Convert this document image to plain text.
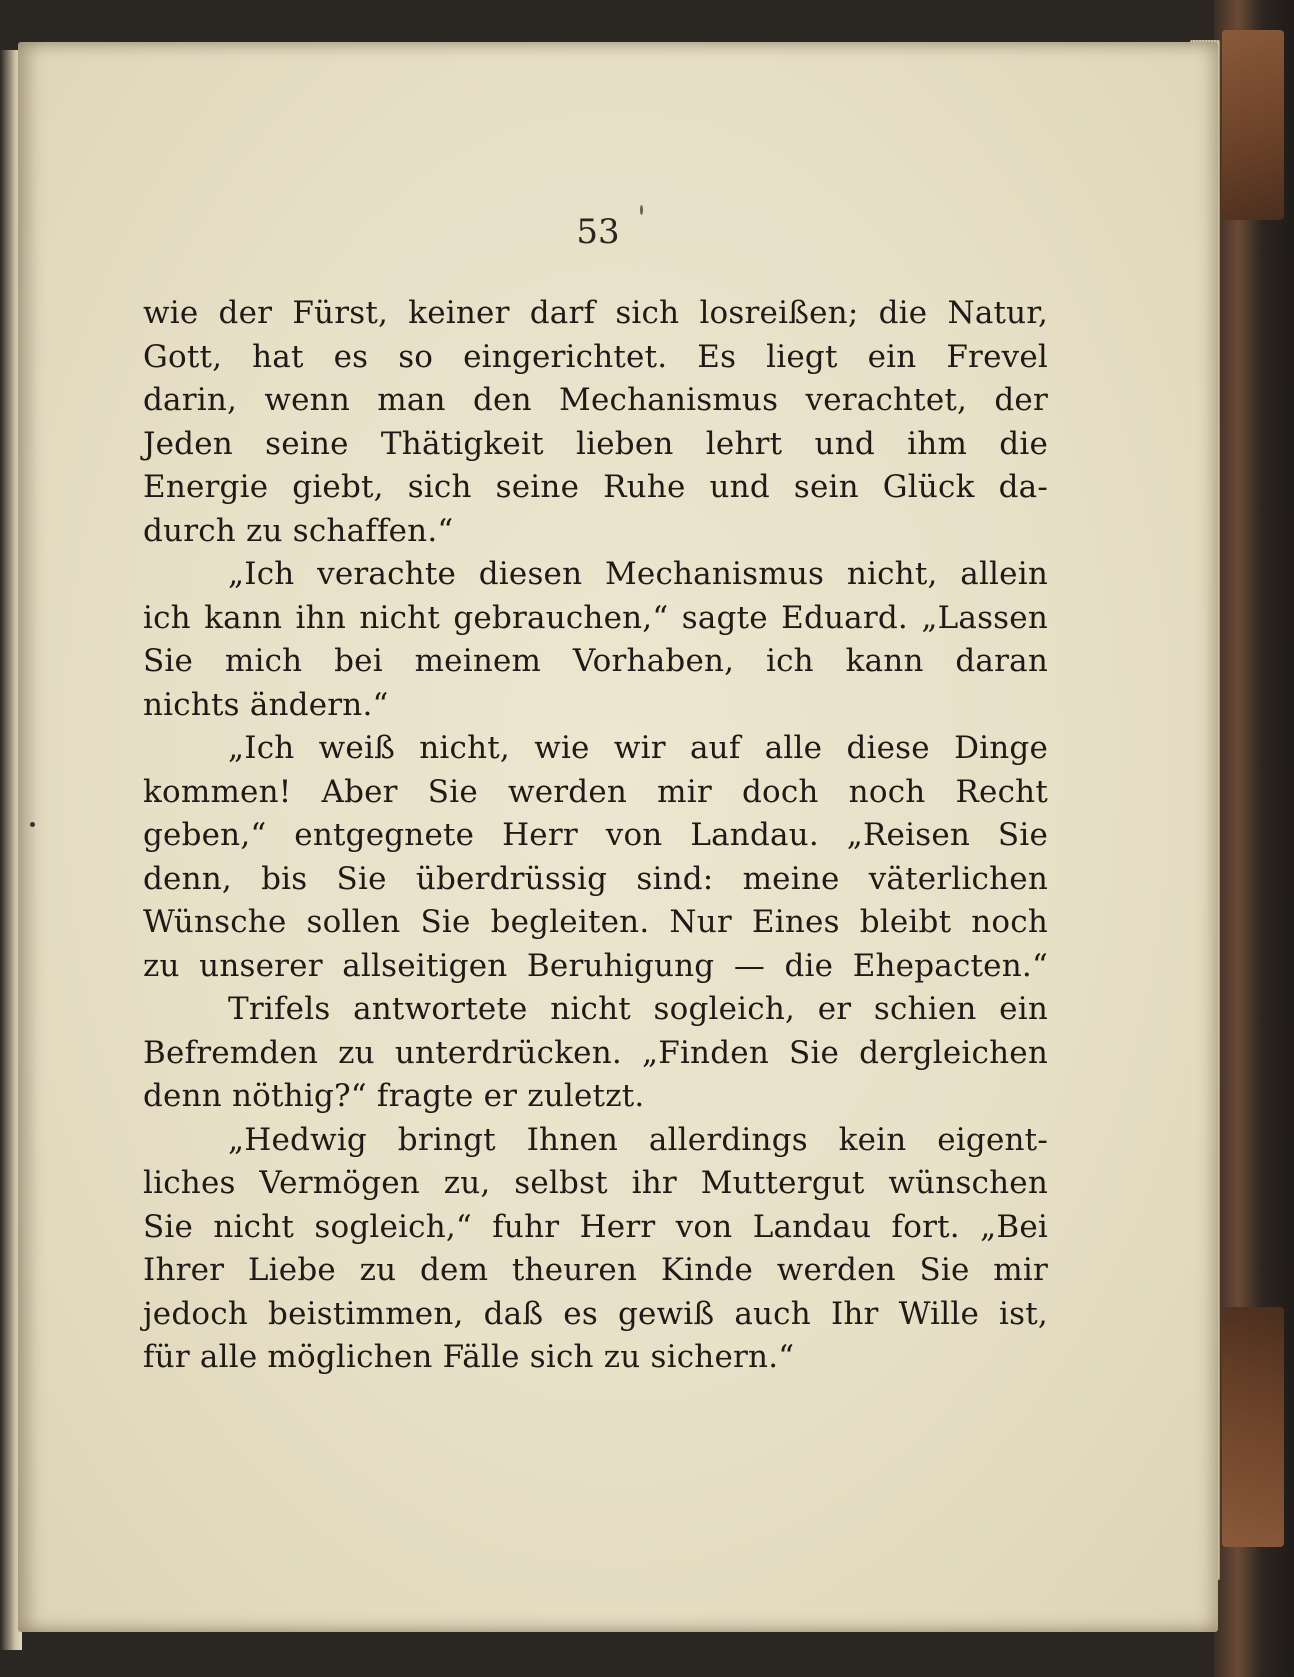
53
wie der Fürst, keiner darf sich losreißen; die Natur,
Gott, hat es so eingerichtet. Es liegt ein Frevel
darin, wenn man den Mechanismus verachtet, der
Jeden seine Thätigkeit lieben lehrt und ihm die
Energie giebt, sich seine Ruhe und sein Glück da-
durch zu schaffen.“
„Ich verachte diesen Mechanismus nicht, allein
ich kann ihn nicht gebrauchen,“ sagte Eduard. „Lassen
Sie mich bei meinem Vorhaben, ich kann daran
nichts ändern.“
„Ich weiß nicht, wie wir auf alle diese Dinge
kommen! Aber Sie werden mir doch noch Recht
geben,“ entgegnete Herr von Landau. „Reisen Sie
denn, bis Sie überdrüssig sind: meine väterlichen
Wünsche sollen Sie begleiten. Nur Eines bleibt noch
zu unserer allseitigen Beruhigung — die Ehepacten.“
Trifels antwortete nicht sogleich, er schien ein
Befremden zu unterdrücken. „Finden Sie dergleichen
denn nöthig?“ fragte er zuletzt.
„Hedwig bringt Ihnen allerdings kein eigent-
liches Vermögen zu, selbst ihr Muttergut wünschen
Sie nicht sogleich,“ fuhr Herr von Landau fort. „Bei
Ihrer Liebe zu dem theuren Kinde werden Sie mir
jedoch beistimmen, daß es gewiß auch Ihr Wille ist,
für alle möglichen Fälle sich zu sichern.“
